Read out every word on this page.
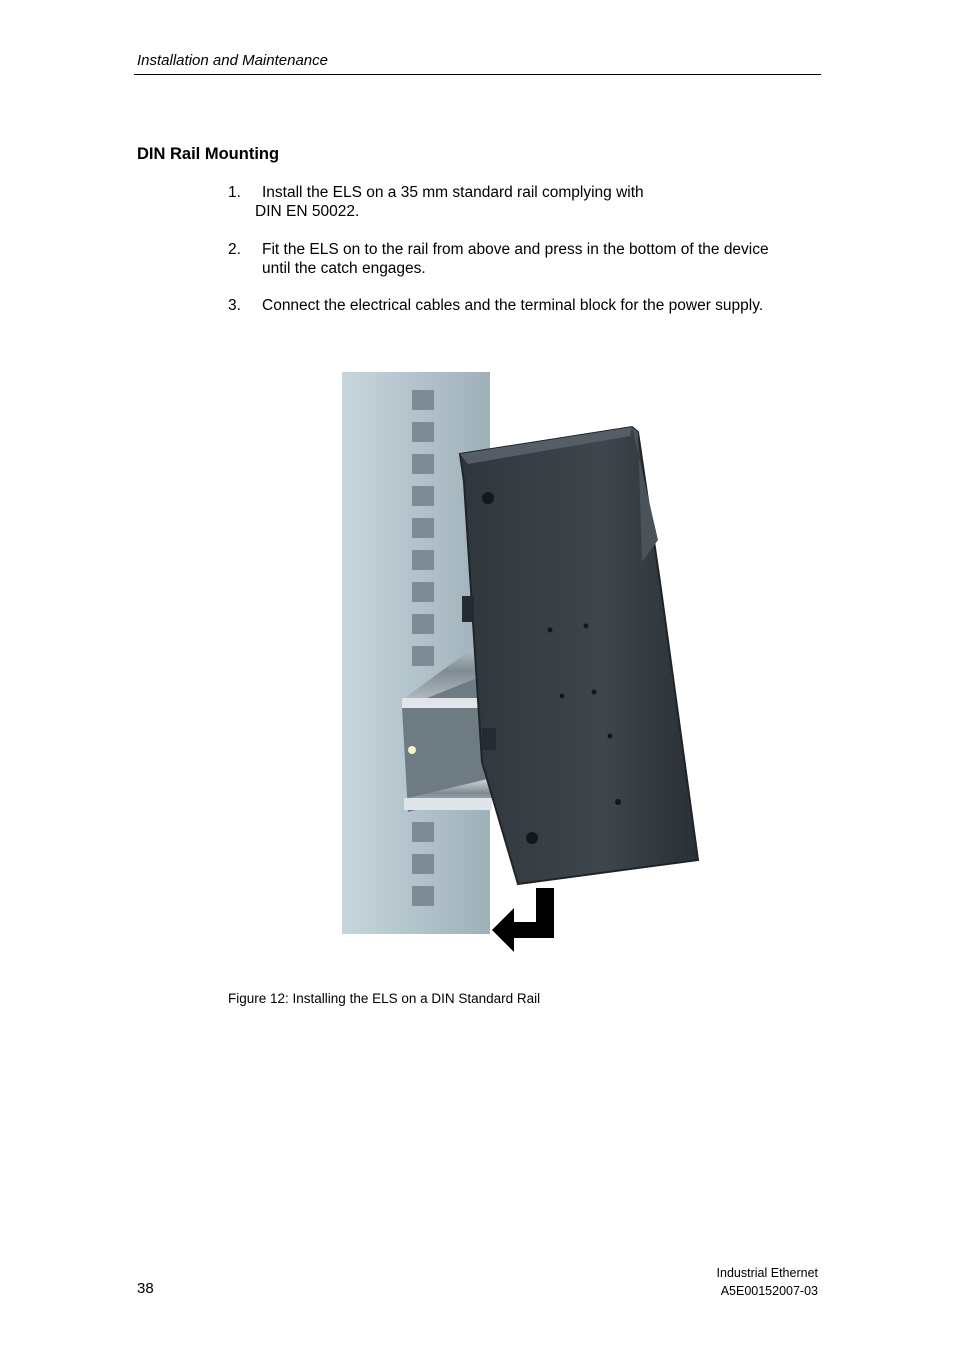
Installation and Maintenance
DIN Rail Mounting
1. Install the ELS on a 35 mm standard rail complying with
DIN EN 50022.
2. Fit the ELS on to the rail from above and press in the bottom of the device
until the catch engages.
3. Connect the electrical cables and the terminal block for the power supply.
Figure 12: Installing the ELS on a DIN Standard Rail
38
Industrial Ethernet
A5E00152007-03
